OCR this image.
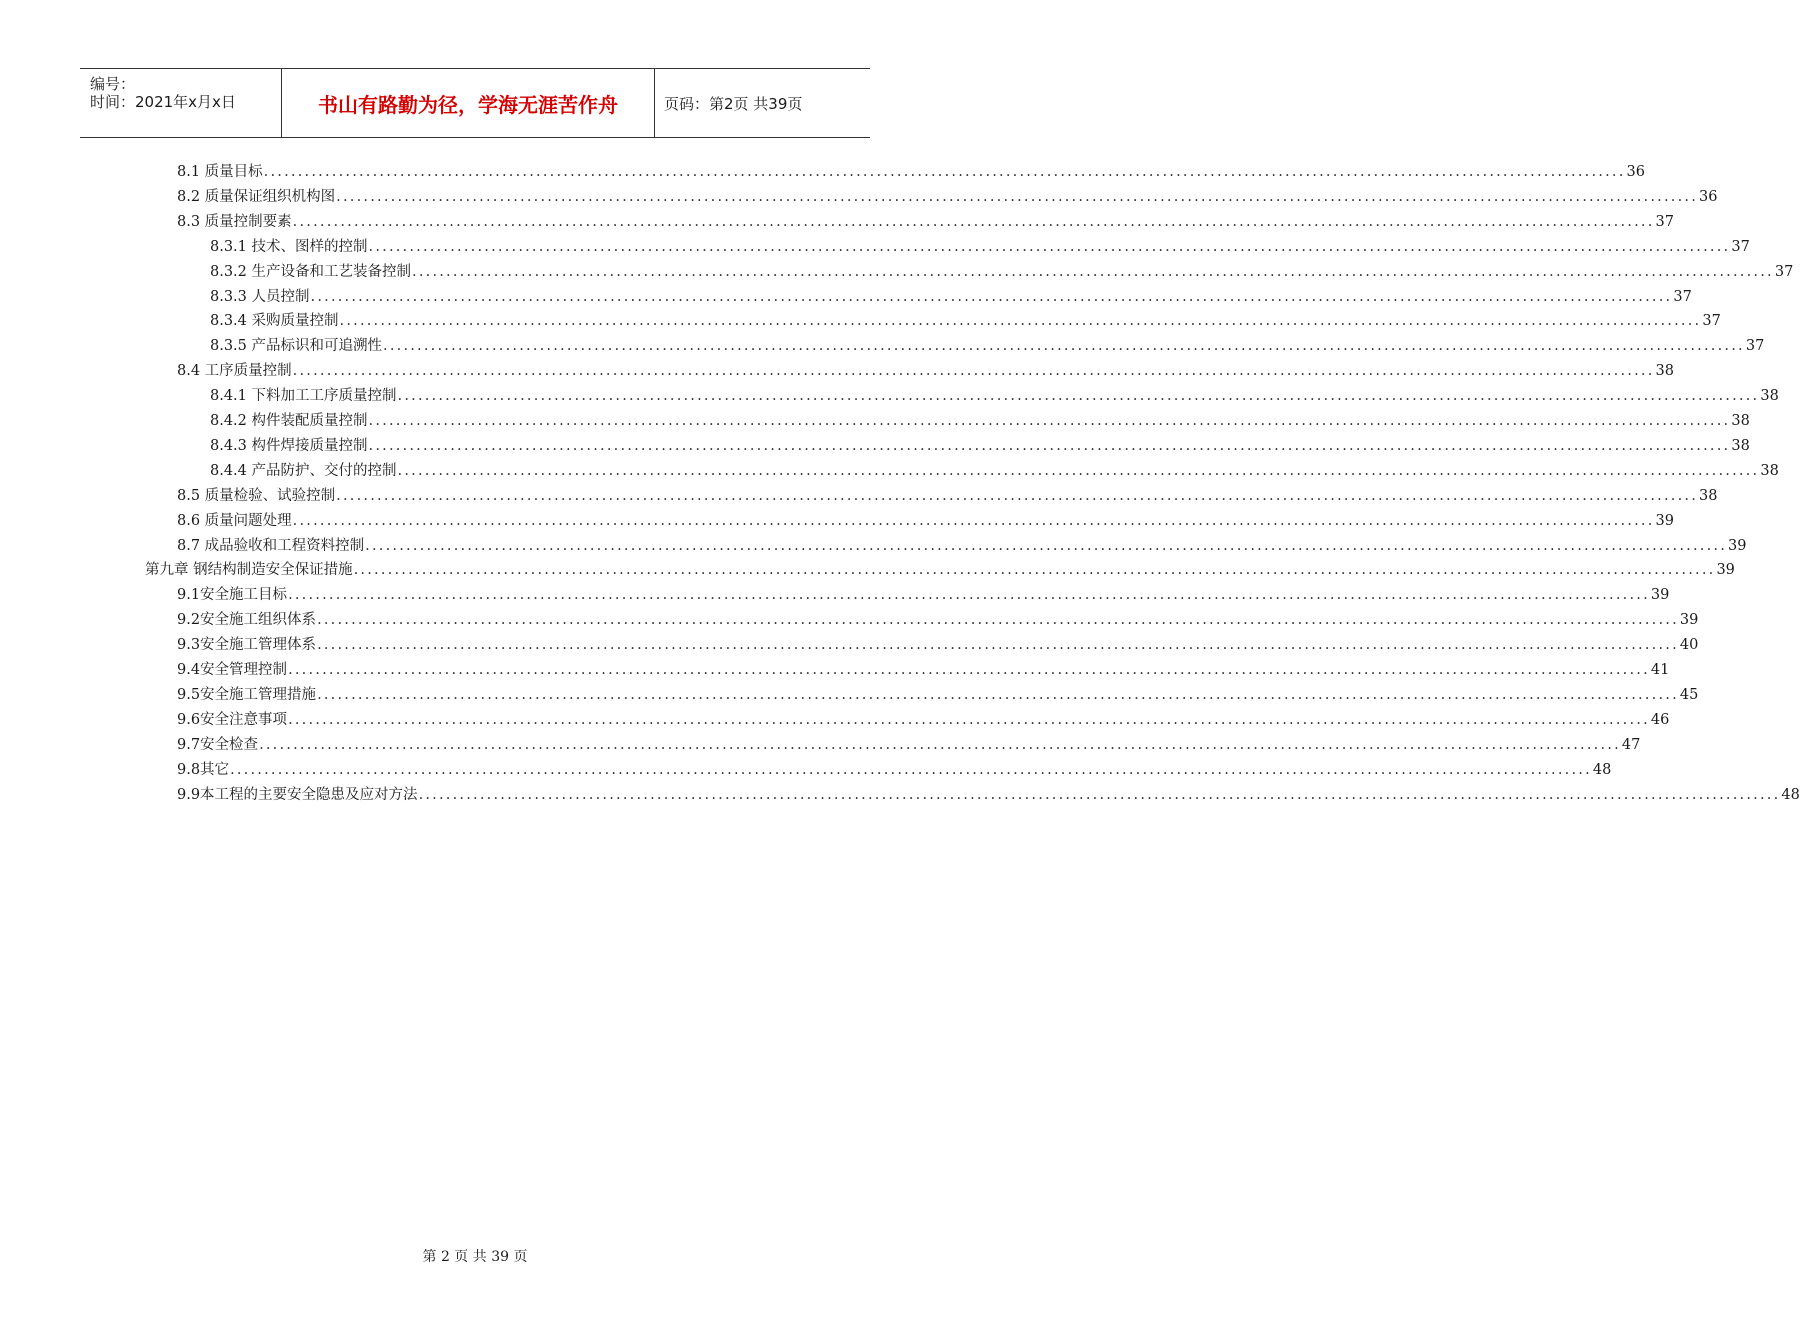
编号：
时间：2021年x月x日	书山有路勤为径，学海无涯苦作舟	页码：第2页 共39页
8.1 质量目标 ........................................................................................................................................................................................................ 36
8.2 质量保证组织机构图 ........................................................................................................................................................................................................ 36
8.3 质量控制要素 ........................................................................................................................................................................................................ 37
8.3.1 技术、图样的控制 ........................................................................................................................................................................................................ 37
8.3.2 生产设备和工艺装备控制 ........................................................................................................................................................................................................ 37
8.3.3 人员控制 ........................................................................................................................................................................................................ 37
8.3.4 采购质量控制 ........................................................................................................................................................................................................ 37
8.3.5 产品标识和可追溯性 ........................................................................................................................................................................................................ 37
8.4 工序质量控制 ........................................................................................................................................................................................................ 38
8.4.1 下料加工工序质量控制 ........................................................................................................................................................................................................ 38
8.4.2 构件装配质量控制 ........................................................................................................................................................................................................ 38
8.4.3 构件焊接质量控制 ........................................................................................................................................................................................................ 38
8.4.4 产品防护、交付的控制 ........................................................................................................................................................................................................ 38
8.5 质量检验、试验控制 ........................................................................................................................................................................................................ 38
8.6 质量问题处理 ........................................................................................................................................................................................................ 39
8.7 成品验收和工程资料控制 ........................................................................................................................................................................................................ 39
第九章 钢结构制造安全保证措施 ........................................................................................................................................................................................................ 39
9.1安全施工目标 ........................................................................................................................................................................................................ 39
9.2安全施工组织体系 ........................................................................................................................................................................................................ 39
9.3安全施工管理体系 ........................................................................................................................................................................................................ 40
9.4安全管理控制 ........................................................................................................................................................................................................ 41
9.5安全施工管理措施 ........................................................................................................................................................................................................ 45
9.6安全注意事项 ........................................................................................................................................................................................................ 46
9.7安全检查 ........................................................................................................................................................................................................ 47
9.8其它 ........................................................................................................................................................................................................ 48
9.9本工程的主要安全隐患及应对方法 ........................................................................................................................................................................................................ 48
第 2 页 共 39 页
